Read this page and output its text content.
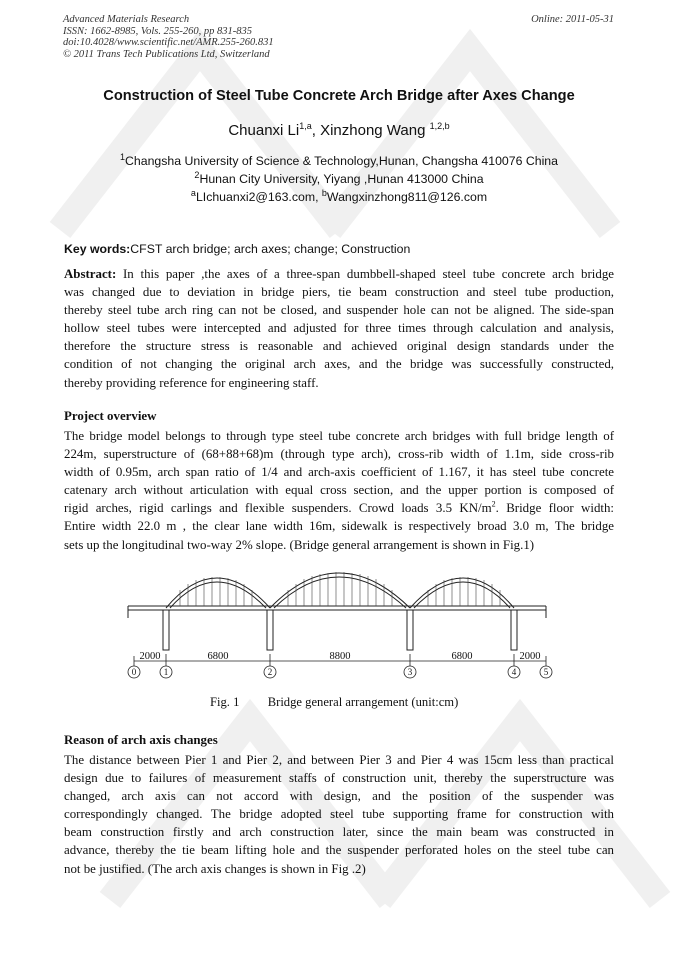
Advanced Materials Research
ISSN: 1662-8985, Vols. 255-260, pp 831-835
doi:10.4028/www.scientific.net/AMR.255-260.831
© 2011 Trans Tech Publications Ltd, Switzerland
Online: 2011-05-31
Construction of Steel Tube Concrete Arch Bridge after Axes Change
Chuanxi Li$^{1,a}$, Xinzhong Wang $^{1,2,b}$
$^1$Changsha University of Science & Technology,Hunan, Changsha 410076 China
$^2$Hunan City University, Yiyang ,Hunan 413000 China
$^a$LIchuanxi2@163.com, $^b$Wangxinzhong811@126.com
Key words:CFST arch bridge; arch axes; change; Construction
Abstract: In this paper ,the axes of a three-span dumbbell-shaped steel tube concrete arch bridge
was changed due to deviation in bridge piers, tie beam construction and steel tube production,
thereby steel tube arch ring can not be closed, and suspender hole can not be aligned. The side-span
hollow steel tubes were intercepted and adjusted for three times through calculation and analysis,
therefore the structure stress is reasonable and achieved original design standards under the
condition of not changing the original arch axes, and the bridge was successfully constructed,
thereby providing reference for engineering staff.
Project overview
The bridge model belongs to through type steel tube concrete arch bridges with full bridge length of
224m, superstructure of (68+88+68)m (through type arch), cross-rib width of 1.1m, side cross-rib
width of 0.95m, arch span ratio of 1/4 and arch-axis coefficient of 1.167, it has steel tube concrete
catenary arch without articulation with equal cross section, and the upper portion is composed of
rigid arches, rigid carlings and flexible suspenders. Crowd loads 3.5 $KN/m^2$. Bridge floor width:
Entire width 22.0 m , the clear lane width 16m, sidewalk is respectively broad 3.0 m, The bridge
sets up the longitudinal two-way 2% slope. (Bridge general arrangement is shown in Fig.1)
2000	6800	8800	6800	2000
0	1	2	3	4	5
Fig. 1 Bridge general arrangement (unit:cm)
Reason of arch axis changes
The distance between Pier 1 and Pier 2, and between Pier 3 and Pier 4 was 15cm less than practical
design due to failures of measurement staffs of construction unit, thereby the superstructure was
changed, arch axis can not accord with design, and the position of the suspender was
correspondingly changed. The bridge adopted steel tube supporting frame for construction with
beam construction firstly and arch construction later, since the main beam was constructed in
advance, thereby the tie beam lifting hole and the suspender perforated holes on the steel tube can
not be justified. (The arch axis changes is shown in Fig .2)
